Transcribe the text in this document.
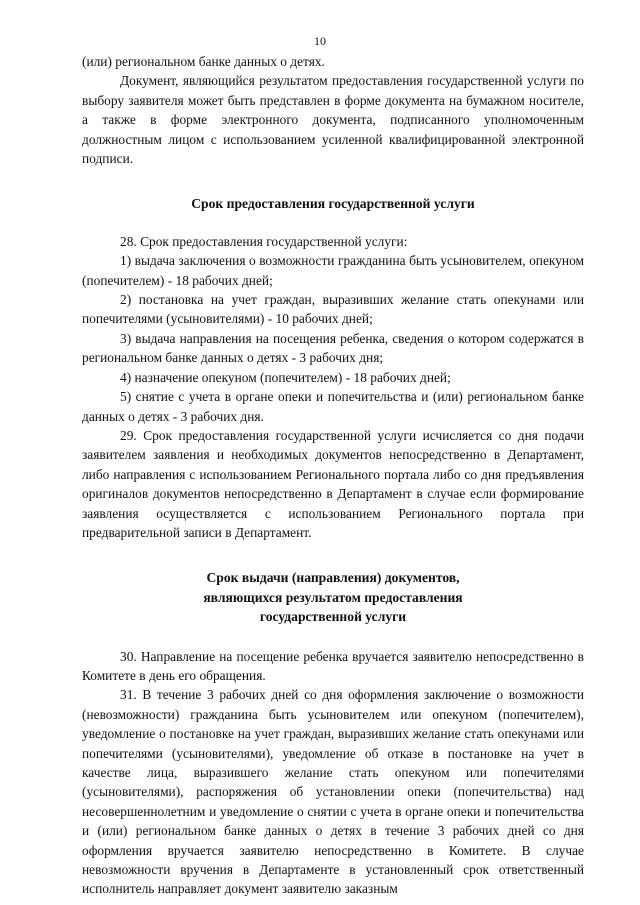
10

(или) региональном банке данных о детях.

Документ, являющийся результатом предоставления государственной услуги по выбору заявителя может быть представлен в форме документа на бумажном носителе, а также в форме электронного документа, подписанного уполномоченным должностным лицом с использованием усиленной квалифицированной электронной подписи.

Срок предоставления государственной услуги

28. Срок предоставления государственной услуги:

1) выдача заключения о возможности гражданина быть усыновителем, опекуном (попечителем) - 18 рабочих дней;

2) постановка на учет граждан, выразивших желание стать опекунами или попечителями (усыновителями) - 10 рабочих дней;

3) выдача направления на посещения ребенка, сведения о котором содержатся в региональном банке данных о детях - 3 рабочих дня;

4) назначение опекуном (попечителем) - 18 рабочих дней;

5) снятие с учета в органе опеки и попечительства и (или) региональном банке данных о детях - 3 рабочих дня.

29. Срок предоставления государственной услуги исчисляется со дня подачи заявителем заявления и необходимых документов непосредственно в Департамент, либо направления с использованием Регионального портала либо со дня предъявления оригиналов документов непосредственно в Департамент в случае если формирование заявления осуществляется с использованием Регионального портала при предварительной записи в Департамент.

Срок выдачи (направления) документов,

являющихся результатом предоставления

государственной услуги

30. Направление на посещение ребенка вручается заявителю непосредственно в Комитете в день его обращения.

31. В течение 3 рабочих дней со дня оформления заключение о возможности (невозможности) гражданина быть усыновителем или опекуном (попечителем), уведомление о постановке на учет граждан, выразивших желание стать опекунами или попечителями (усыновителями), уведомление об отказе в постановке на учет в качестве лица, выразившего желание стать опекуном или попечителями (усыновителями), распоряжения об установлении опеки (попечительства) над несовершеннолетним и уведомление о снятии с учета в органе опеки и попечительства и (или) региональном банке данных о детях в течение 3 рабочих дней со дня оформления вручается заявителю непосредственно в Комитете. В случае невозможности вручения в Департаменте в установленный срок ответственный исполнитель направляет документ заявителю заказным
